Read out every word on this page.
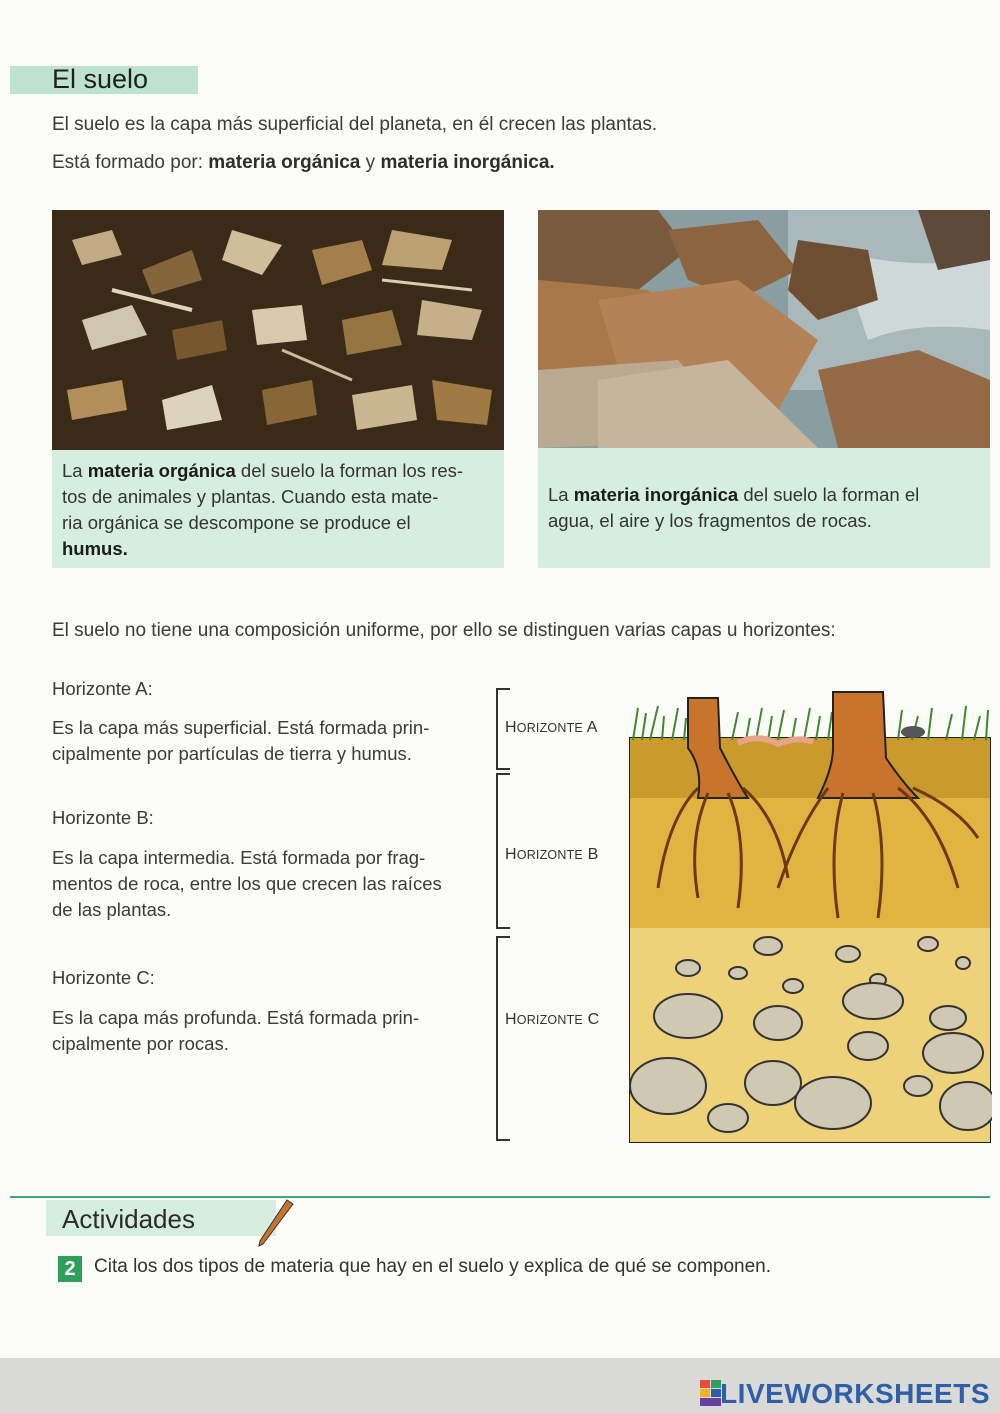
El suelo
El suelo es la capa más superficial del planeta, en él crecen las plantas.
Está formado por: materia orgánica y materia inorgánica.
La materia orgánica del suelo la forman los res-
tos de animales y plantas. Cuando esta mate-
ria orgánica se descompone se produce el
humus.
La materia inorgánica del suelo la forman el
agua, el aire y los fragmentos de rocas.
El suelo no tiene una composición uniforme, por ello se distinguen varias capas u horizontes:
Horizonte A:
Es la capa más superficial. Está formada prin-
cipalmente por partículas de tierra y humus.
Horizonte B:
Es la capa intermedia. Está formada por frag-
mentos de roca, entre los que crecen las raíces
de las plantas.
Horizonte C:
Es la capa más profunda. Está formada prin-
cipalmente por rocas.
HORIZONTE A
HORIZONTE B
HORIZONTE C
Actividades
2 Cita los dos tipos de materia que hay en el suelo y explica de qué se componen.
LIVEWORKSHEETS
